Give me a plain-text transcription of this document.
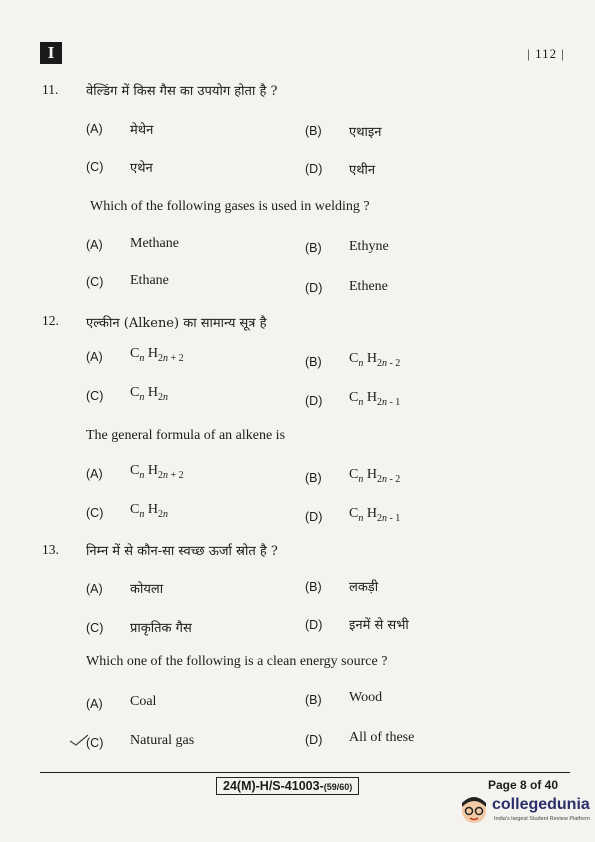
I	| 112 |
11. वेल्डिंग में किस गैस का उपयोग होता है ?
(A) मेथेन	(B) एथाइन
(C) एथेन	(D) एथीन
Which of the following gases is used in welding ?
(A) Methane	(B) Ethyne
(C) Ethane	(D) Ethene
12. एल्कीन (Alkene) का सामान्य सूत्र है
(A) $C_n$ $H_{2n + 2}$	(B) $C_n$ $H_{2n - 2}$
(C) $C_n$ $H_{2n}$	(D) $C_n$ $H_{2n - 1}$
The general formula of an alkene is
(A) $C_n$ $H_{2n + 2}$	(B) $C_n$ $H_{2n - 2}$
(C) $C_n$ $H_{2n}$	(D) $C_n$ $H_{2n - 1}$
13. निम्न में से कौन-सा स्वच्छ ऊर्जा स्रोत है ?
(A) कोयला	(B) लकड़ी
(C) प्राकृतिक गैस	(D) इनमें से सभी
Which one of the following is a clean energy source ?
(A) Coal	(B) Wood
(C) Natural gas	(D) All of these
24(M)-H/S-41003-(59/60)	Page 8 of 40
collegedunia
India's largest Student Review Platform
